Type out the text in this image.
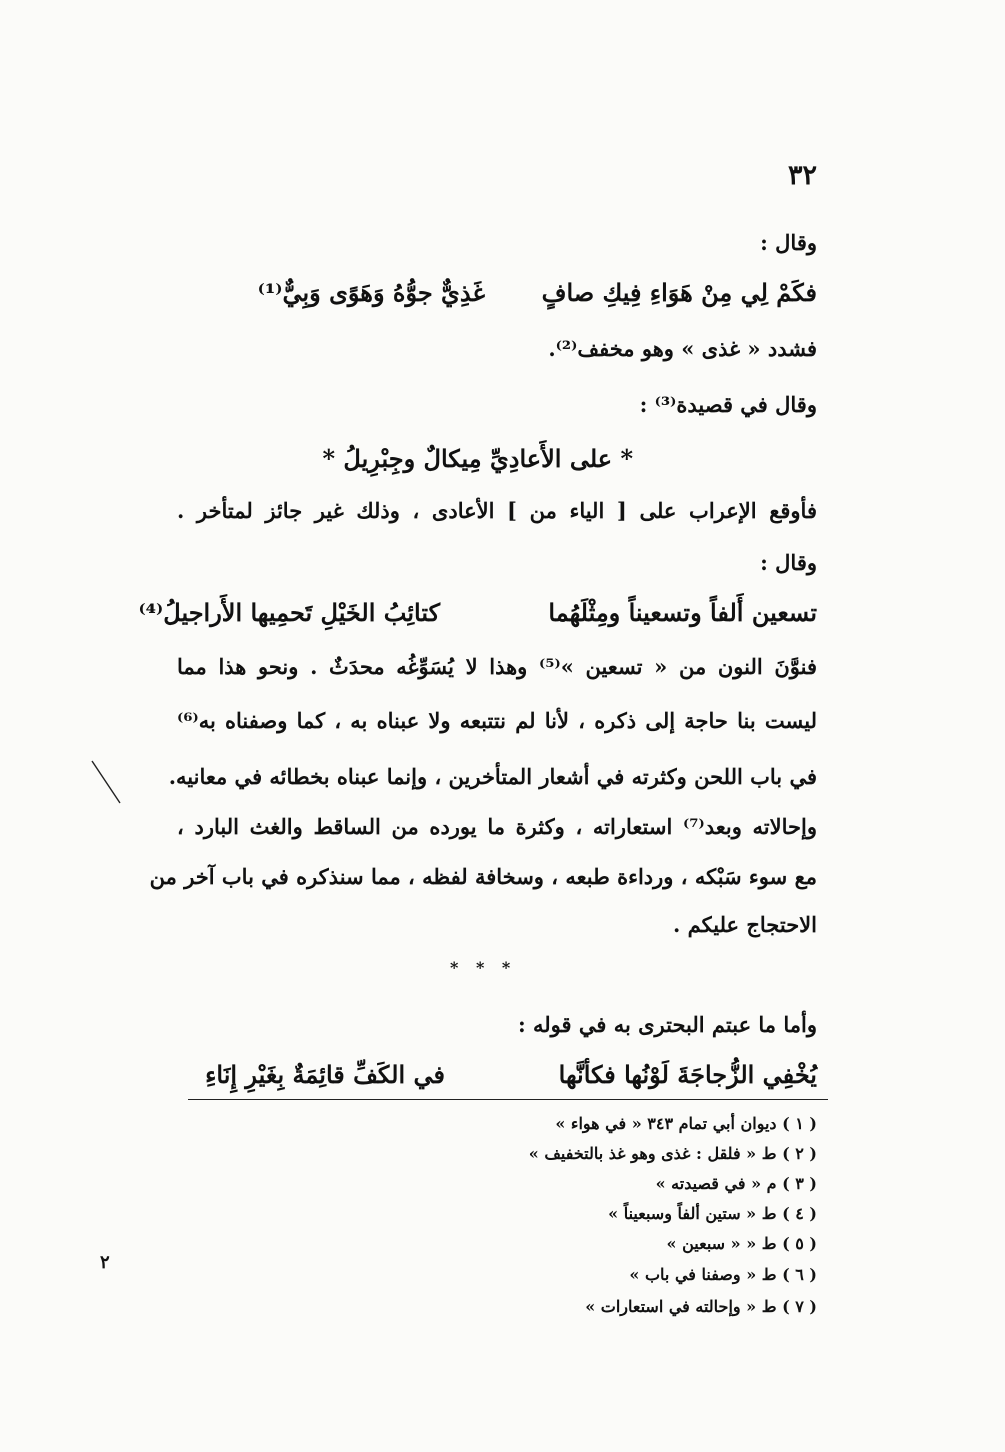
٣٢
وقال :
فكَمْ لِي مِنْ هَوَاءِ فِيكِ صافٍ
غَذِيٌّ جوُّهُ وَهَوًى وَبِيٌّ⁽¹⁾
فشدد « غذى » وهو مخفف⁽²⁾.
وقال في قصيدة⁽³⁾ :
* على الأَعادِيِّ مِيكالٌ وجِبْرِيلُ *
فأوقع الإعراب على [ الياء من ] الأعادى ، وذلك غير جائز لمتأخر .
وقال :
تسعين أَلفاً وتسعيناً ومِثْلَهُما
كتائِبُ الخَيْلِ تَحمِيها الأَراجيلُ⁽⁴⁾
فنوَّنَ النون من « تسعين »⁽⁵⁾ وهذا لا يُسَوِّغُه محدَثٌ . ونحو هذا مما
ليست بنا حاجة إلى ذكره ، لأنا لم نتتبعه ولا عبناه به ، كما وصفناه به⁽⁶⁾
في باب اللحن وكثرته في أشعار المتأخرين ، وإنما عبناه بخطائه في معانيه.
وإحالاته وبعد⁽⁷⁾ استعاراته ، وكثرة ما يورده من الساقط والغث البارد ،
مع سوء سَبْكه ، ورداءة طبعه ، وسخافة لفظه ، مما سنذكره في باب آخر من
الاحتجاج عليكم .
* * *
وأما ما عبتم البحترى به في قوله :
يُخْفِي الزُّجاجَةَ لَوْنُها فكأنَّها
في الكَفِّ قائِمَةٌ بِغَيْرِ إِنَاءِ
( ١ ) ديوان أبي تمام ٣٤٣ « في هواء »
( ٢ ) ط « فلقل : غذى وهو غذ بالتخفيف »
( ٣ ) م « في قصيدته »
( ٤ ) ط « ستين ألفاً وسبعيناً »
( ٥ ) ط « « سبعين »
( ٦ ) ط « وصفنا في باب »
( ٧ ) ط « وإحالته في استعارات »
٢
